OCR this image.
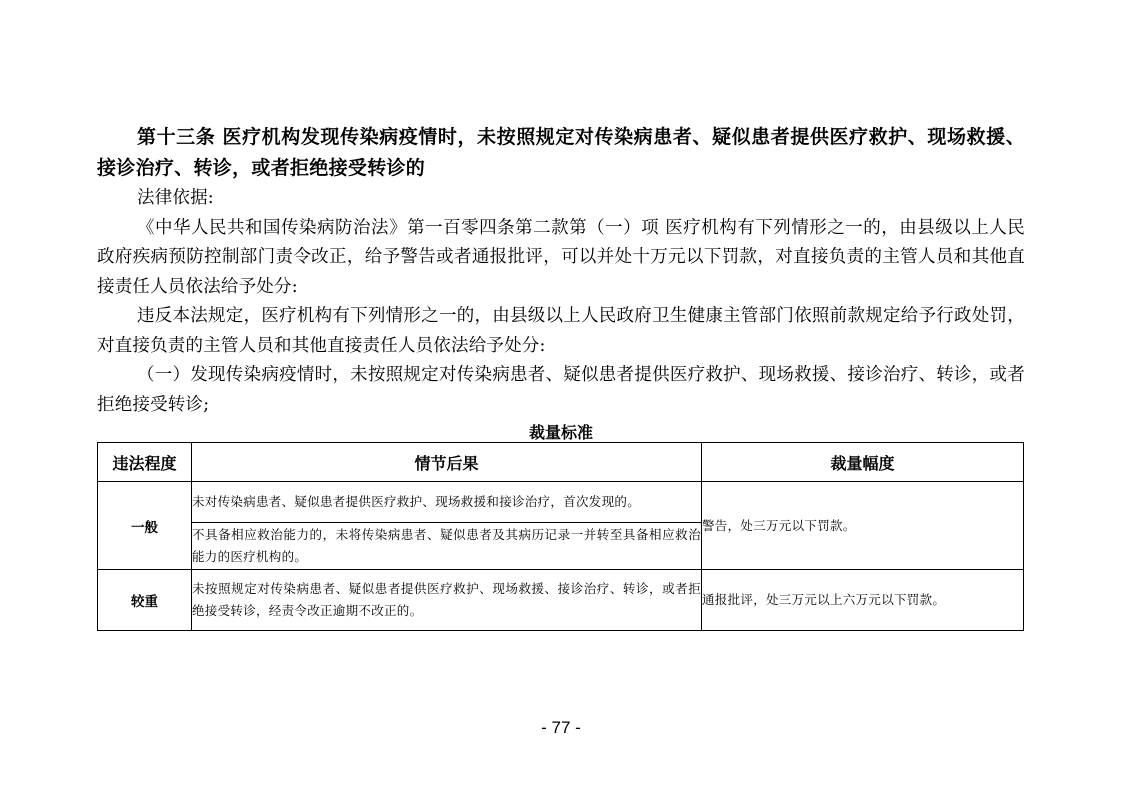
第十三条 医疗机构发现传染病疫情时，未按照规定对传染病患者、疑似患者提供医疗救护、现场救援、接诊治疗、转诊，或者拒绝接受转诊的

法律依据:

《中华人民共和国传染病防治法》第一百零四条第二款第（一）项 医疗机构有下列情形之一的，由县级以上人民政府疾病预防控制部门责令改正，给予警告或者通报批评，可以并处十万元以下罚款，对直接负责的主管人员和其他直接责任人员依法给予处分:

违反本法规定，医疗机构有下列情形之一的，由县级以上人民政府卫生健康主管部门依照前款规定给予行政处罚，对直接负责的主管人员和其他直接责任人员依法给予处分:

（一）发现传染病疫情时，未按照规定对传染病患者、疑似患者提供医疗救护、现场救援、接诊治疗、转诊，或者拒绝接受转诊;

裁量标准
违法程度	情节后果	裁量幅度
一般	未对传染病患者、疑似患者提供医疗救护、现场救援和接诊治疗，首次发现的。	警告，处三万元以下罚款。
	不具备相应救治能力的，未将传染病患者、疑似患者及其病历记录一并转至具备相应救治能力的医疗机构的。	
较重	未按照规定对传染病患者、疑似患者提供医疗救护、现场救援、接诊治疗、转诊，或者拒绝接受转诊，经责令改正逾期不改正的。	通报批评，处三万元以上六万元以下罚款。
- 77 -
